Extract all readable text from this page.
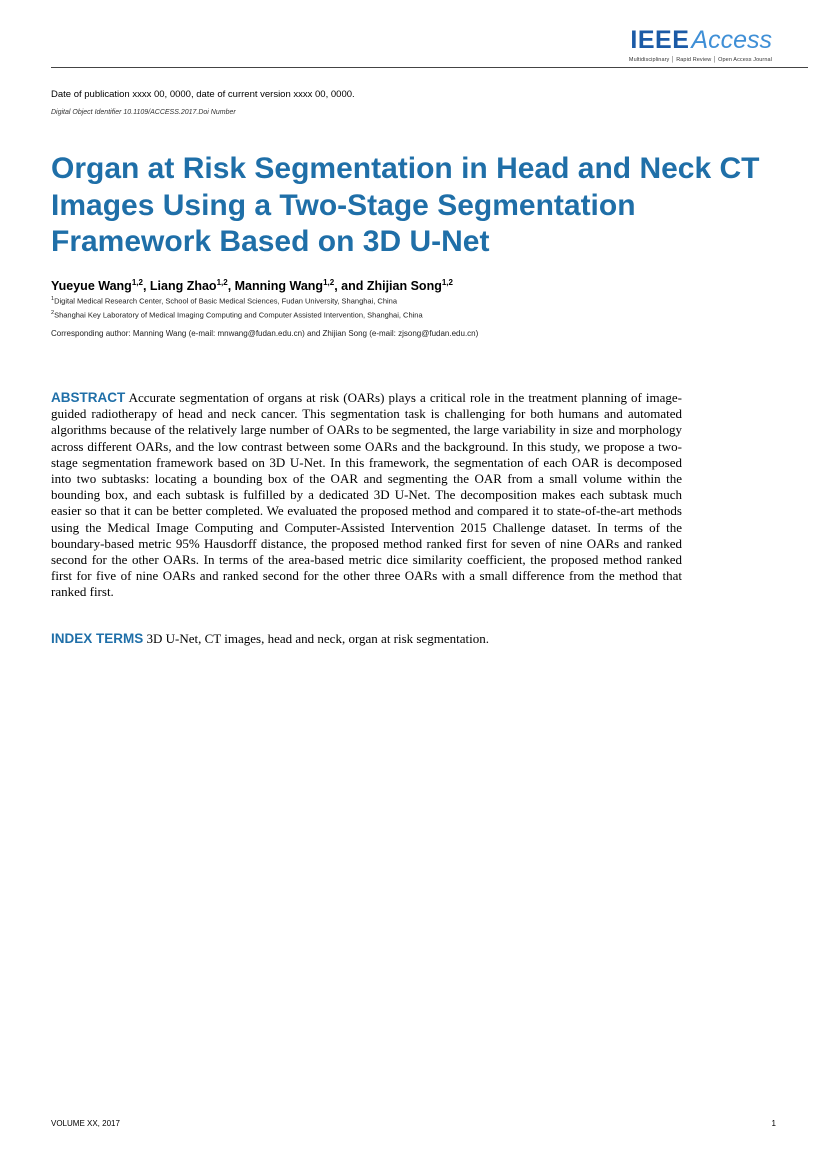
IEEEAccess
Multidisciplinary │ Rapid Review │ Open Access Journal
Date of publication xxxx 00, 0000, date of current version xxxx 00, 0000.
Digital Object Identifier 10.1109/ACCESS.2017.Doi Number
Organ at Risk Segmentation in Head and Neck CT Images Using a Two-Stage Segmentation Framework Based on 3D U-Net
Yueyue Wang$^{1,2}$, Liang Zhao$^{1,2}$, Manning Wang$^{1,2}$, and Zhijian Song$^{1,2}$
$^1$Digital Medical Research Center, School of Basic Medical Sciences, Fudan University, Shanghai, China
$^2$Shanghai Key Laboratory of Medical Imaging Computing and Computer Assisted Intervention, Shanghai, China
Corresponding author: Manning Wang (e-mail: mnwang@fudan.edu.cn) and Zhijian Song (e-mail: zjsong@fudan.edu.cn)

ABSTRACT Accurate segmentation of organs at risk (OARs) plays a critical role in the treatment planning of image-guided radiotherapy of head and neck cancer. This segmentation task is challenging for both humans and automated algorithms because of the relatively large number of OARs to be segmented, the large variability in size and morphology across different OARs, and the low contrast between some OARs and the background. In this study, we propose a two-stage segmentation framework based on 3D U-Net. In this framework, the segmentation of each OAR is decomposed into two subtasks: locating a bounding box of the OAR and segmenting the OAR from a small volume within the bounding box, and each subtask is fulfilled by a dedicated 3D U-Net. The decomposition makes each subtask much easier so that it can be better completed. We evaluated the proposed method and compared it to state-of-the-art methods using the Medical Image Computing and Computer-Assisted Intervention 2015 Challenge dataset. In terms of the boundary-based metric 95% Hausdorff distance, the proposed method ranked first for seven of nine OARs and ranked second for the other OARs. In terms of the area-based metric dice similarity coefficient, the proposed method ranked first for five of nine OARs and ranked second for the other three OARs with a small difference from the method that ranked first.

INDEX TERMS 3D U-Net, CT images, head and neck, organ at risk segmentation.

VOLUME XX, 2017	1
